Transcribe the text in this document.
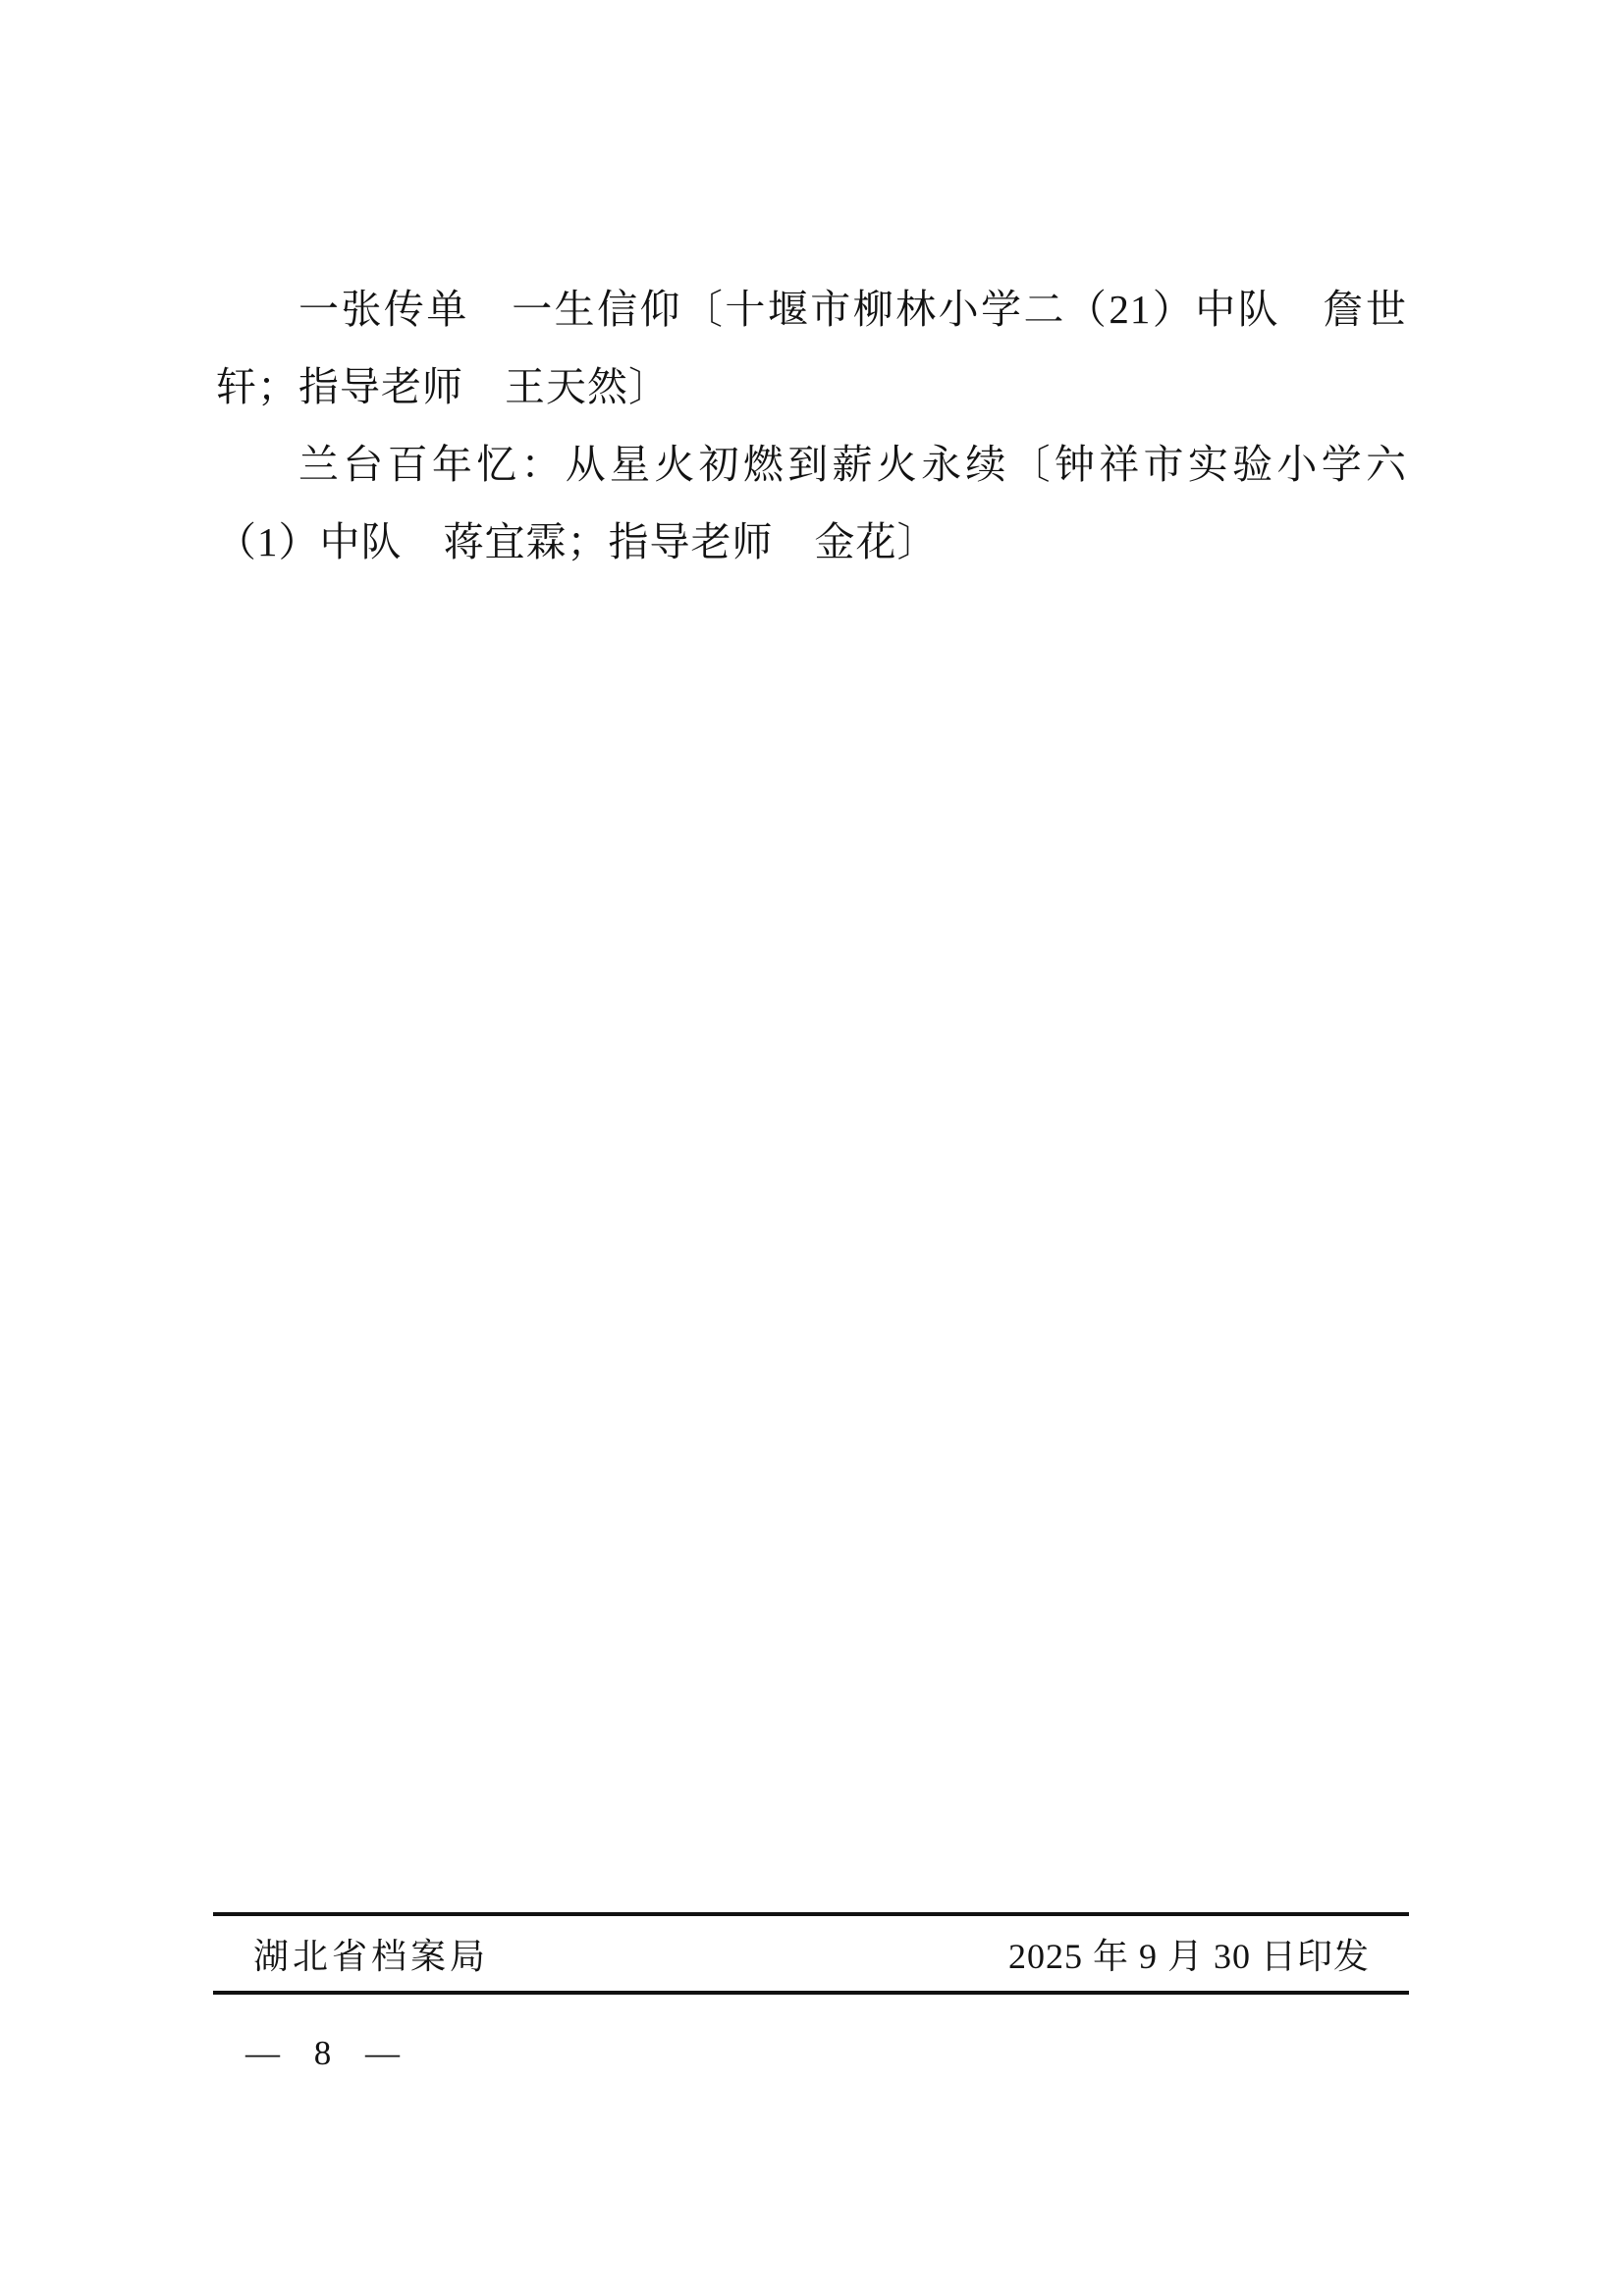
一张传单　一生信仰〔十堰市柳林小学二（21）中队　詹世
轩；指导老师　王天然〕
兰台百年忆：从星火初燃到薪火永续〔钟祥市实验小学六
（1）中队　蒋宜霖；指导老师　金花〕
湖北省档案局	2025 年 9 月 30 日印发
— 8 —
